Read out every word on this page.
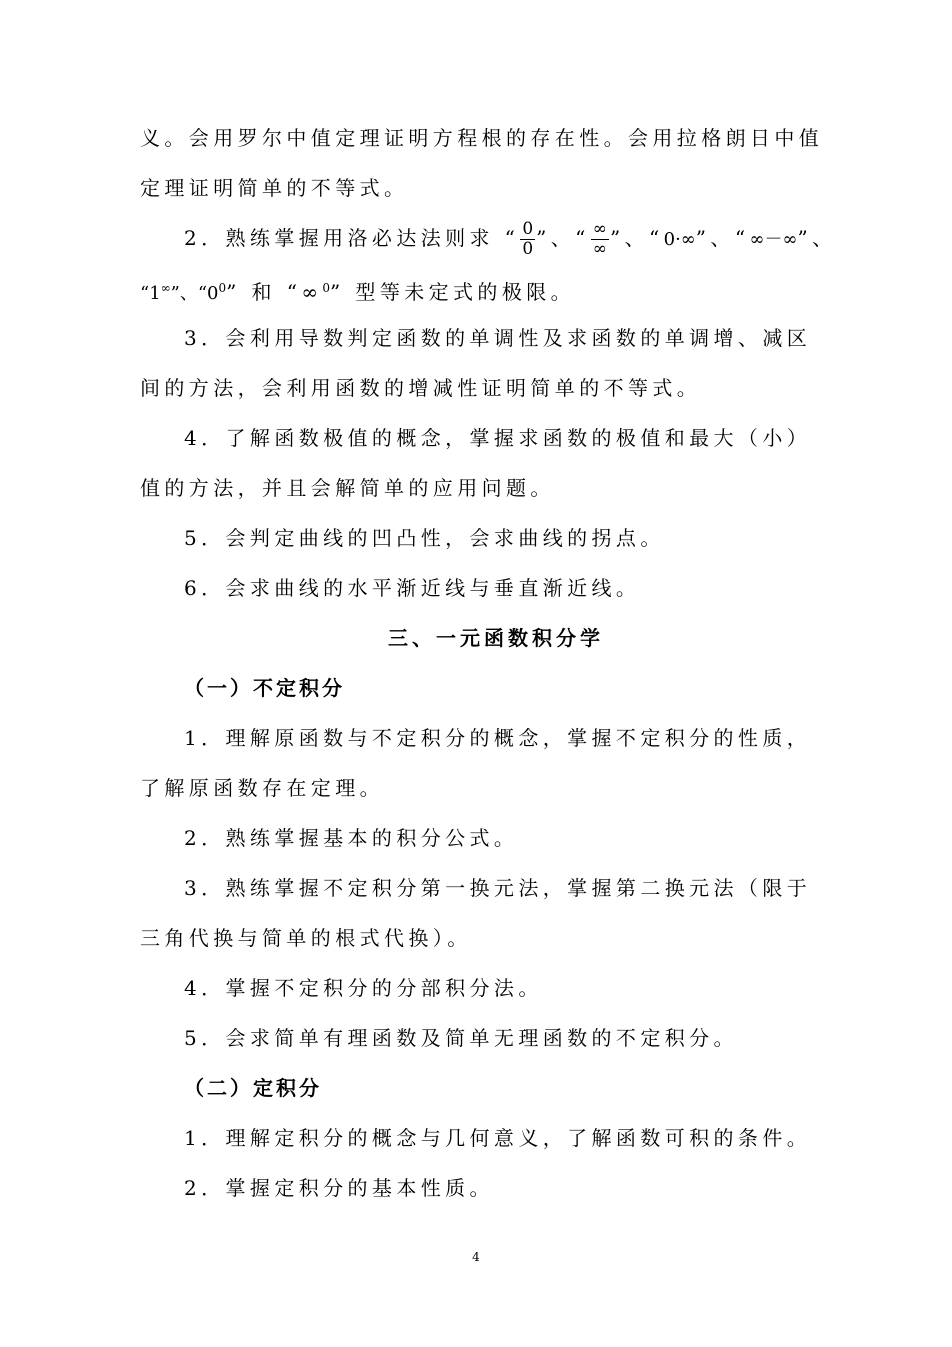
义。会用罗尔中值定理证明方程根的存在性。会用拉格朗日中值
定理证明简单的不等式。
2．熟练掌握用洛必达法则求 “ $\frac{0}{0}$ ”、“ $\frac{\infty}{\infty}$ ”、“0·∞”、“∞－∞”、
“1∞”、“$0^0$” 和 “∞$^0$” 型等未定式的极限。
3．会利用导数判定函数的单调性及求函数的单调增、减区
间的方法，会利用函数的增减性证明简单的不等式。
4．了解函数极值的概念，掌握求函数的极值和最大（小）
值的方法，并且会解简单的应用问题。
5．会判定曲线的凹凸性，会求曲线的拐点。
6．会求曲线的水平渐近线与垂直渐近线。
三、一元函数积分学
（一）不定积分
1．理解原函数与不定积分的概念，掌握不定积分的性质，
了解原函数存在定理。
2．熟练掌握基本的积分公式。
3．熟练掌握不定积分第一换元法，掌握第二换元法（限于
三角代换与简单的根式代换）。
4．掌握不定积分的分部积分法。
5．会求简单有理函数及简单无理函数的不定积分。
（二）定积分
1．理解定积分的概念与几何意义，了解函数可积的条件。
2．掌握定积分的基本性质。
4
